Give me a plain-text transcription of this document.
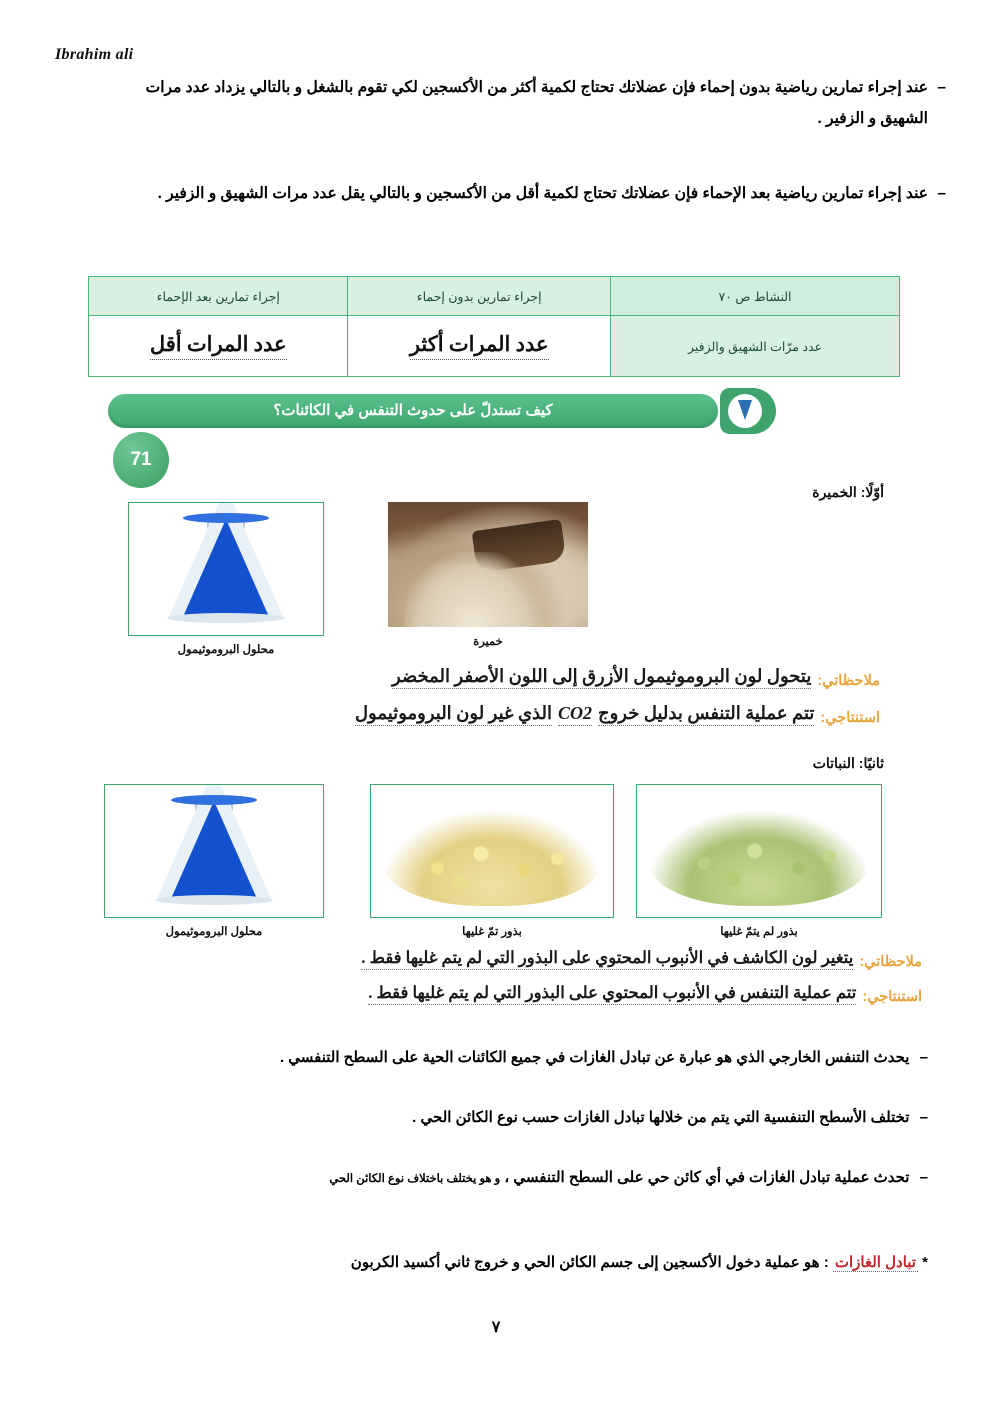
Ibrahim ali
–
عند إجراء تمارين رياضية بدون إحماء فإن عضلاتك تحتاج لكمية أكثر من الأكسجين لكي تقوم بالشغل و بالتالي يزداد عدد مرات الشهيق و الزفير .
–
عند إجراء تمارين رياضية بعد الإحماء فإن عضلاتك تحتاج لكمية أقل من الأكسجين و بالتالي يقل عدد مرات الشهيق و الزفير .
النشاط ص ۷۰	إجراء تمارين بدون إحماء	إجراء تمارين بعد الإحماء
عدد مرّات الشهيق والزفير	عدد المرات أكثر	عدد المرات أقل
كيف تستدلّ على حدوث التنفس في الكائنات؟
71
أوّلًا: الخميرة
محلول البروموثيمول
خميرة
ملاحظاتي:
يتحول لون البروموثيمول الأزرق إلى اللون الأصفر المخضر
استنتاجي:
تتم عملية التنفس بدليل خروج
CO2
الذي غير لون البروموثيمول
ثانيًا: النباتات
محلول البروموثيمول	بذور تمّ غليها	بذور لم يتمّ غليها
ملاحظاتي:
يتغير لون الكاشف في الأنبوب المحتوي على البذور التي لم يتم غليها فقط .
استنتاجي:
تتم عملية التنفس في الأنبوب المحتوي على البذور التي لم يتم غليها فقط .
– يحدث التنفس الخارجي الذي هو عبارة عن تبادل الغازات في جميع الكائنات الحية على السطح التنفسي .
– تختلف الأسطح التنفسية التي يتم من خلالها تبادل الغازات حسب نوع الكائن الحي .
– تحدث عملية تبادل الغازات في أي كائن حي على السطح التنفسي ، و هو يختلف باختلاف نوع الكائن الحي
* تبادل الغازات : هو عملية دخول الأكسجين إلى جسم الكائن الحي و خروج ثاني أكسيد الكربون
٧
